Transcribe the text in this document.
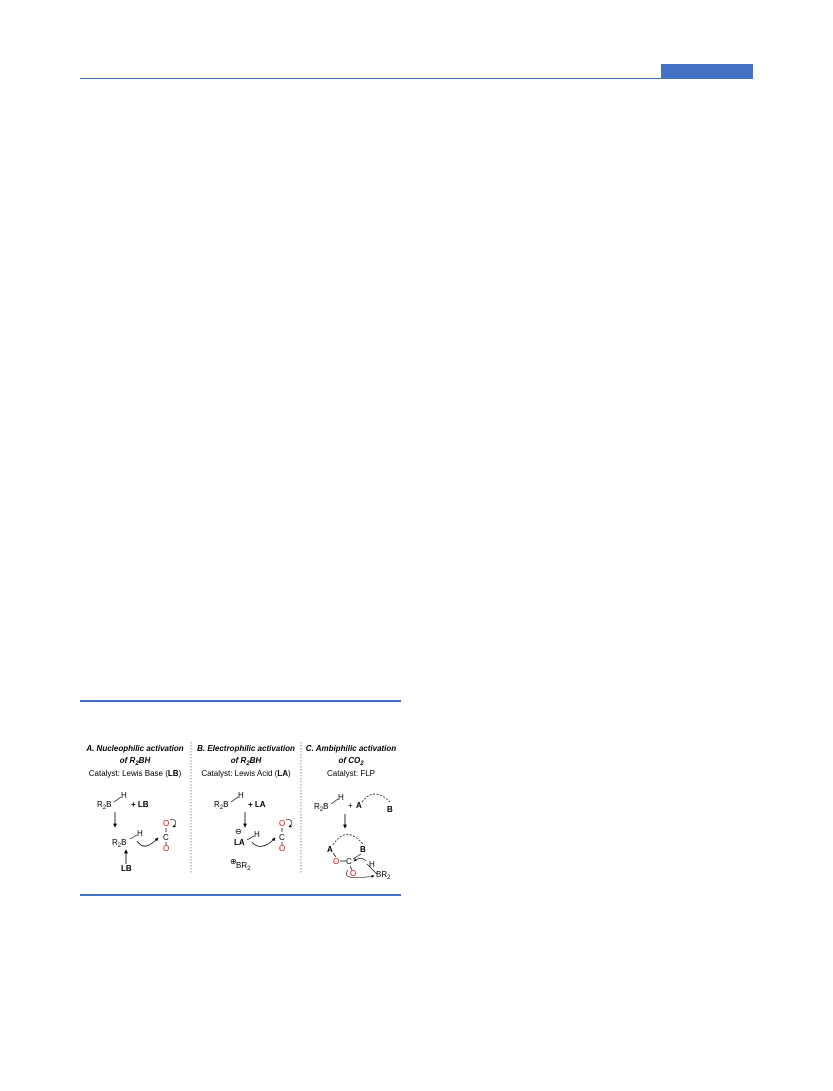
A. Nucleophilic activation
of $R_2BH$
Catalyst: Lewis Base (LB)
$R_2B$
H
+ LB
$R_2B$
H
LB
O
C
O
B. Electrophilic activation
of $R_2BH$
Catalyst: Lewis Acid (LA)
$R_2B$
H
+ LA
⊖
LA
H
O
C
O
⊕ $BR_2$
C. Ambiphilic activation
of $CO_2$
Catalyst: FLP
$R_2B$
H
+ A	B
A	B
O C
O
H
$BR_2$
